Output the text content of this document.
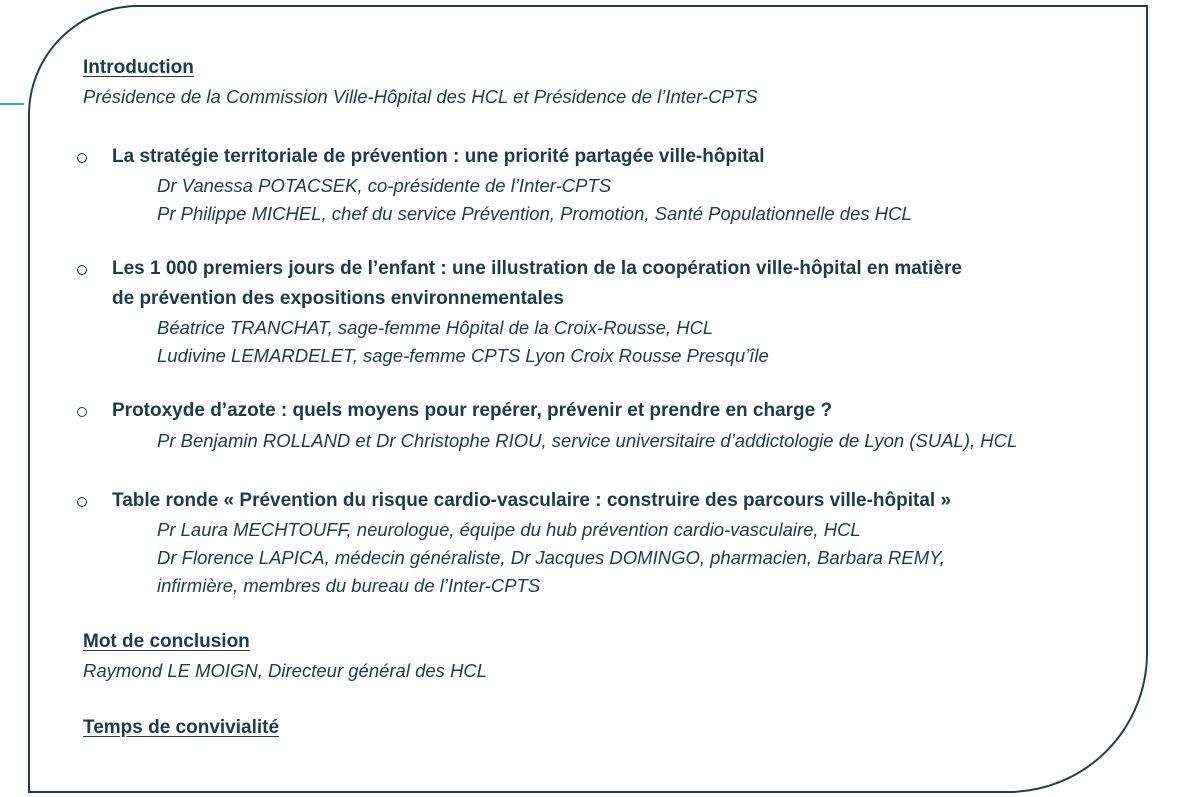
Introduction
Présidence de la Commission Ville-Hôpital des HCL et Présidence de l’Inter-CPTS
La stratégie territoriale de prévention : une priorité partagée ville-hôpital
Dr Vanessa POTACSEK, co-présidente de l’Inter-CPTS
Pr Philippe MICHEL, chef du service Prévention, Promotion, Santé Populationnelle des HCL
Les 1 000 premiers jours de l’enfant : une illustration de la coopération ville-hôpital en matière
de prévention des expositions environnementales
Béatrice TRANCHAT, sage-femme Hôpital de la Croix-Rousse, HCL
Ludivine LEMARDELET, sage-femme CPTS Lyon Croix Rousse Presqu’île
Protoxyde d’azote : quels moyens pour repérer, prévenir et prendre en charge ?
Pr Benjamin ROLLAND et Dr Christophe RIOU, service universitaire d’addictologie de Lyon (SUAL), HCL
Table ronde « Prévention du risque cardio-vasculaire : construire des parcours ville-hôpital »
Pr Laura MECHTOUFF, neurologue, équipe du hub prévention cardio-vasculaire, HCL
Dr Florence LAPICA, médecin généraliste, Dr Jacques DOMINGO, pharmacien, Barbara REMY,
infirmière, membres du bureau de l’Inter-CPTS
Mot de conclusion
Raymond LE MOIGN, Directeur général des HCL
Temps de convivialité
